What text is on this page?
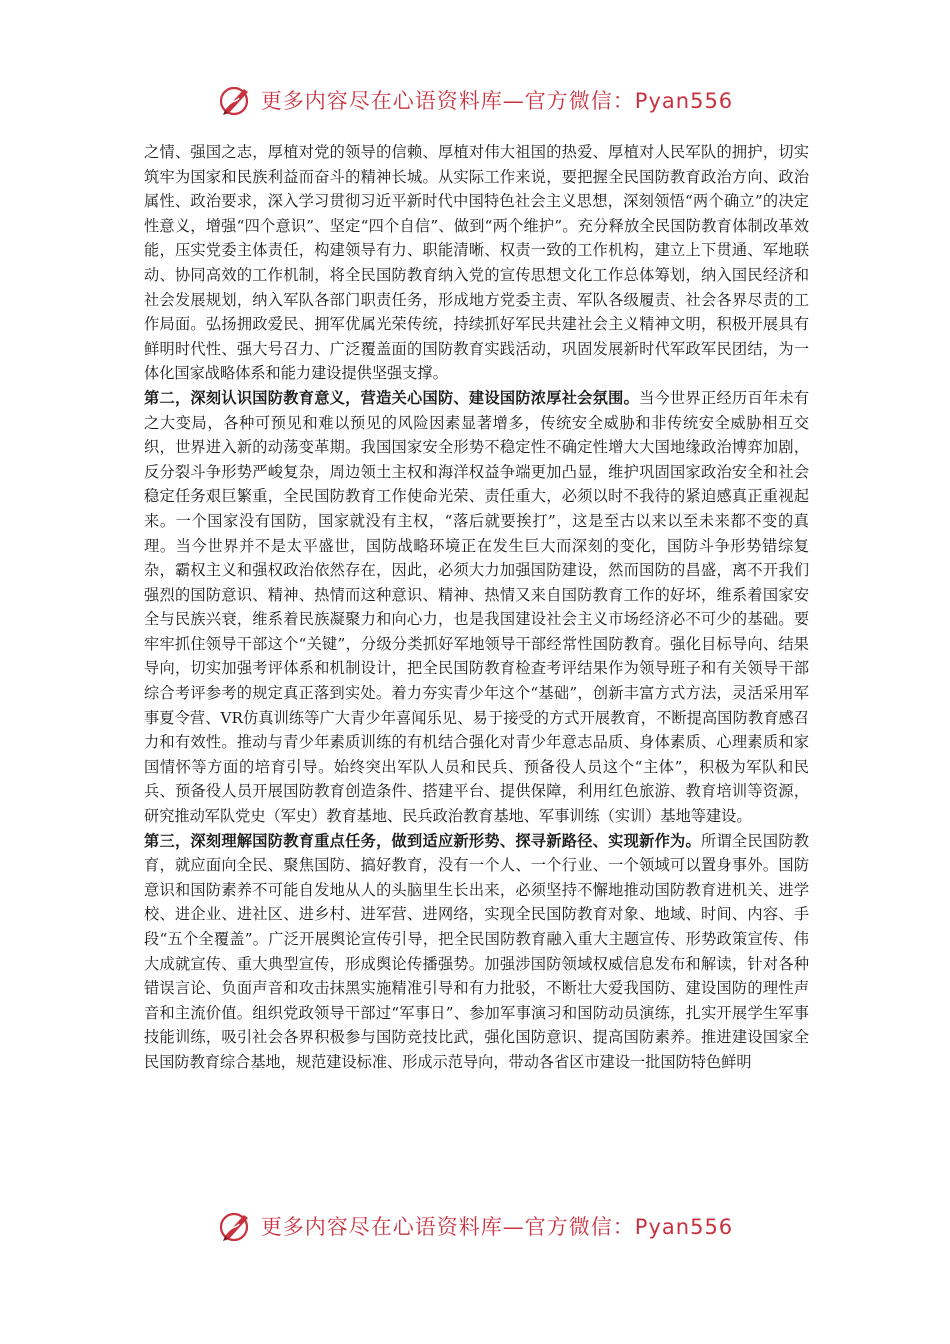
更多内容尽在心语资料库—官方微信：Pyan556

之情、强国之志，厚植对党的领导的信赖、厚植对伟大祖国的热爱、厚植对人民军队的拥护，切实筑牢为国家和民族利益而奋斗的精神长城。从实际工作来说，要把握全民国防教育政治方向、政治属性、政治要求，深入学习贯彻习近平新时代中国特色社会主义思想，深刻领悟“两个确立”的决定性意义，增强“四个意识”、坚定“四个自信”、做到“两个维护”。充分释放全民国防教育体制改革效能，压实党委主体责任，构建领导有力、职能清晰、权责一致的工作机构，建立上下贯通、军地联动、协同高效的工作机制，将全民国防教育纳入党的宣传思想文化工作总体筹划，纳入国民经济和社会发展规划，纳入军队各部门职责任务，形成地方党委主责、军队各级履责、社会各界尽责的工作局面。弘扬拥政爱民、拥军优属光荣传统，持续抓好军民共建社会主义精神文明，积极开展具有鲜明时代性、强大号召力、广泛覆盖面的国防教育实践活动，巩固发展新时代军政军民团结，为一体化国家战略体系和能力建设提供坚强支撑。

第二，深刻认识国防教育意义，营造关心国防、建设国防浓厚社会氛围。当今世界正经历百年未有之大变局，各种可预见和难以预见的风险因素显著增多，传统安全威胁和非传统安全威胁相互交织，世界进入新的动荡变革期。我国国家安全形势不稳定性不确定性增大大国地缘政治博弈加剧，反分裂斗争形势严峻复杂，周边领土主权和海洋权益争端更加凸显，维护巩固国家政治安全和社会稳定任务艰巨繁重，全民国防教育工作使命光荣、责任重大，必须以时不我待的紧迫感真正重视起来。一个国家没有国防，国家就没有主权，“落后就要挨打”，这是至古以来以至未来都不变的真理。当今世界并不是太平盛世，国防战略环境正在发生巨大而深刻的变化，国防斗争形势错综复杂，霸权主义和强权政治依然存在，因此，必须大力加强国防建设，然而国防的昌盛，离不开我们强烈的国防意识、精神、热情而这种意识、精神、热情又来自国防教育工作的好坏，维系着国家安全与民族兴衰，维系着民族凝聚力和向心力，也是我国建设社会主义市场经济必不可少的基础。要牢牢抓住领导干部这个“关键”，分级分类抓好军地领导干部经常性国防教育。强化目标导向、结果导向，切实加强考评体系和机制设计，把全民国防教育检查考评结果作为领导班子和有关领导干部综合考评参考的规定真正落到实处。着力夯实青少年这个“基础”，创新丰富方式方法，灵活采用军事夏令营、VR仿真训练等广大青少年喜闻乐见、易于接受的方式开展教育，不断提高国防教育感召力和有效性。推动与青少年素质训练的有机结合强化对青少年意志品质、身体素质、心理素质和家国情怀等方面的培育引导。始终突出军队人员和民兵、预备役人员这个“主体”，积极为军队和民兵、预备役人员开展国防教育创造条件、搭建平台、提供保障，利用红色旅游、教育培训等资源，研究推动军队党史（军史）教育基地、民兵政治教育基地、军事训练（实训）基地等建设。

第三，深刻理解国防教育重点任务，做到适应新形势、探寻新路径、实现新作为。所谓全民国防教育，就应面向全民、聚焦国防、搞好教育，没有一个人、一个行业、一个领域可以置身事外。国防意识和国防素养不可能自发地从人的头脑里生长出来，必须坚持不懈地推动国防教育进机关、进学校、进企业、进社区、进乡村、进军营、进网络，实现全民国防教育对象、地域、时间、内容、手段“五个全覆盖”。广泛开展舆论宣传引导，把全民国防教育融入重大主题宣传、形势政策宣传、伟大成就宣传、重大典型宣传，形成舆论传播强势。加强涉国防领域权威信息发布和解读，针对各种错误言论、负面声音和攻击抹黑实施精准引导和有力批驳，不断壮大爱我国防、建设国防的理性声音和主流价值。组织党政领导干部过“军事日”、参加军事演习和国防动员演练，扎实开展学生军事技能训练，吸引社会各界积极参与国防竞技比武，强化国防意识、提高国防素养。推进建设国家全民国防教育综合基地，规范建设标准、形成示范导向，带动各省区市建设一批国防特色鲜明

更多内容尽在心语资料库—官方微信：Pyan556
